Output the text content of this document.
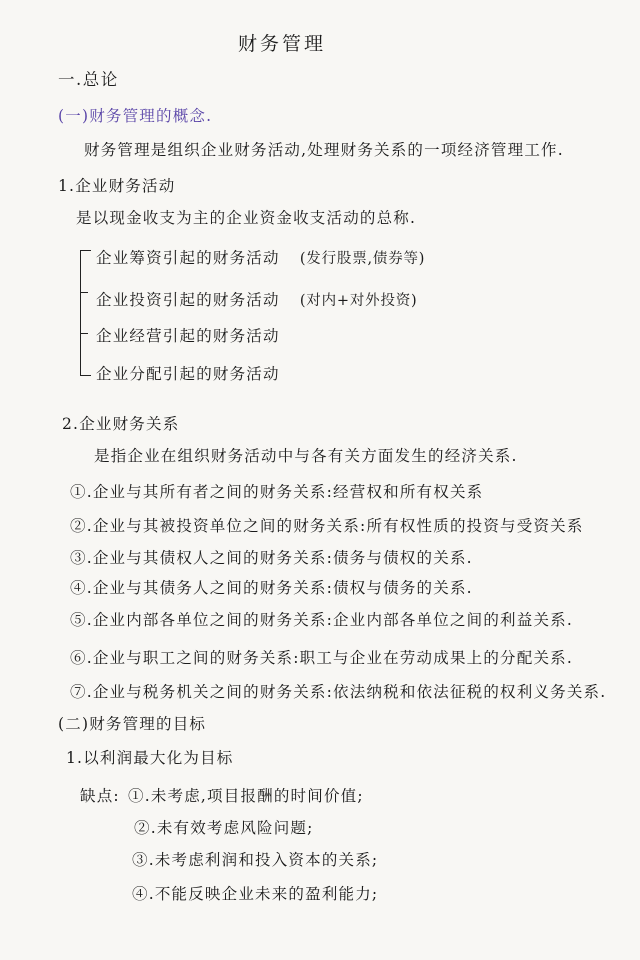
财务管理
一.总论
(一)财务管理的概念.
财务管理是组织企业财务活动,处理财务关系的一项经济管理工作.
1.企业财务活动
是以现金收支为主的企业资金收支活动的总称.
企业筹资引起的财务活动 (发行股票,债券等)
企业投资引起的财务活动 (对内+对外投资)
企业经营引起的财务活动
企业分配引起的财务活动
2.企业财务关系
是指企业在组织财务活动中与各有关方面发生的经济关系.
①.企业与其所有者之间的财务关系:经营权和所有权关系
②.企业与其被投资单位之间的财务关系:所有权性质的投资与受资关系
③.企业与其债权人之间的财务关系:债务与债权的关系.
④.企业与其债务人之间的财务关系:债权与债务的关系.
⑤.企业内部各单位之间的财务关系:企业内部各单位之间的利益关系.
⑥.企业与职工之间的财务关系:职工与企业在劳动成果上的分配关系.
⑦.企业与税务机关之间的财务关系:依法纳税和依法征税的权利义务关系.
(二)财务管理的目标
1.以利润最大化为目标
缺点: ①.未考虑,项目报酬的时间价值;
②.未有效考虑风险问题;
③.未考虑利润和投入资本的关系;
④.不能反映企业未来的盈利能力;
